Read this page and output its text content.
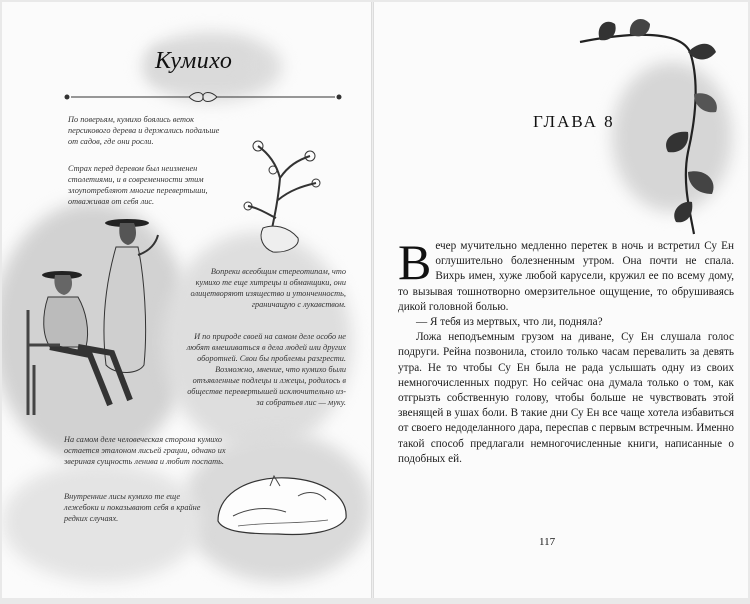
Кумихо

По поверьям, кумихо боялись веток персикового дерева и держались подальше от садов, где они росли.

Страх перед деревом был неизменен столетиями, и в современности этим злоупотребляют многие перевертыши, отваживая от себя лис.

Вопреки всеобщим стереотипам, что кумихо те еще хитрецы и обманщики, они олицетворяют изящество и утонченность, граничащую с лукавством.

И по природе своей на самом деле особо не любят вмешиваться в дела людей или других оборотней. Свои бы проблемы разгрести. Возможно, мнение, что кумихо были отъявленные подлецы и лжецы, родилось в обществе перевертышей исключительно из-за собратьев лис — муку.

На самом деле человеческая сторона кумихо остается эталоном лисьей грации, однако их звериная сущность ленива и любит поспать.

Внутренние лисы кумихо те еще лежебоки и показывают себя в крайне редких случаях.

ГЛАВА 8

Вечер мучительно медленно перетек в ночь и встретил Су Ен оглушительно болезненным утром. Она почти не спала. Вихрь имен, хуже любой карусели, кружил ее по всему дому, то вызывая тошнотворно омерзительное ощущение, то обрушиваясь дикой головной болью.

— Я тебя из мертвых, что ли, подняла?

Ложа неподъемным грузом на диване, Су Ен слушала голос подруги. Рейна позвонила, стоило только часам перевалить за девять утра. Не то чтобы Су Ен была не рада услышать одну из своих немногочисленных подруг. Но сейчас она думала только о том, как отгрызть собственную голову, чтобы больше не чувствовать этой звенящей в ушах боли. В такие дни Су Ен все чаще хотела избавиться от своего недоделанного дара, переспав с первым встречным. Именно такой способ предлагали немногочисленные книги, написанные о подобных ей.

117
